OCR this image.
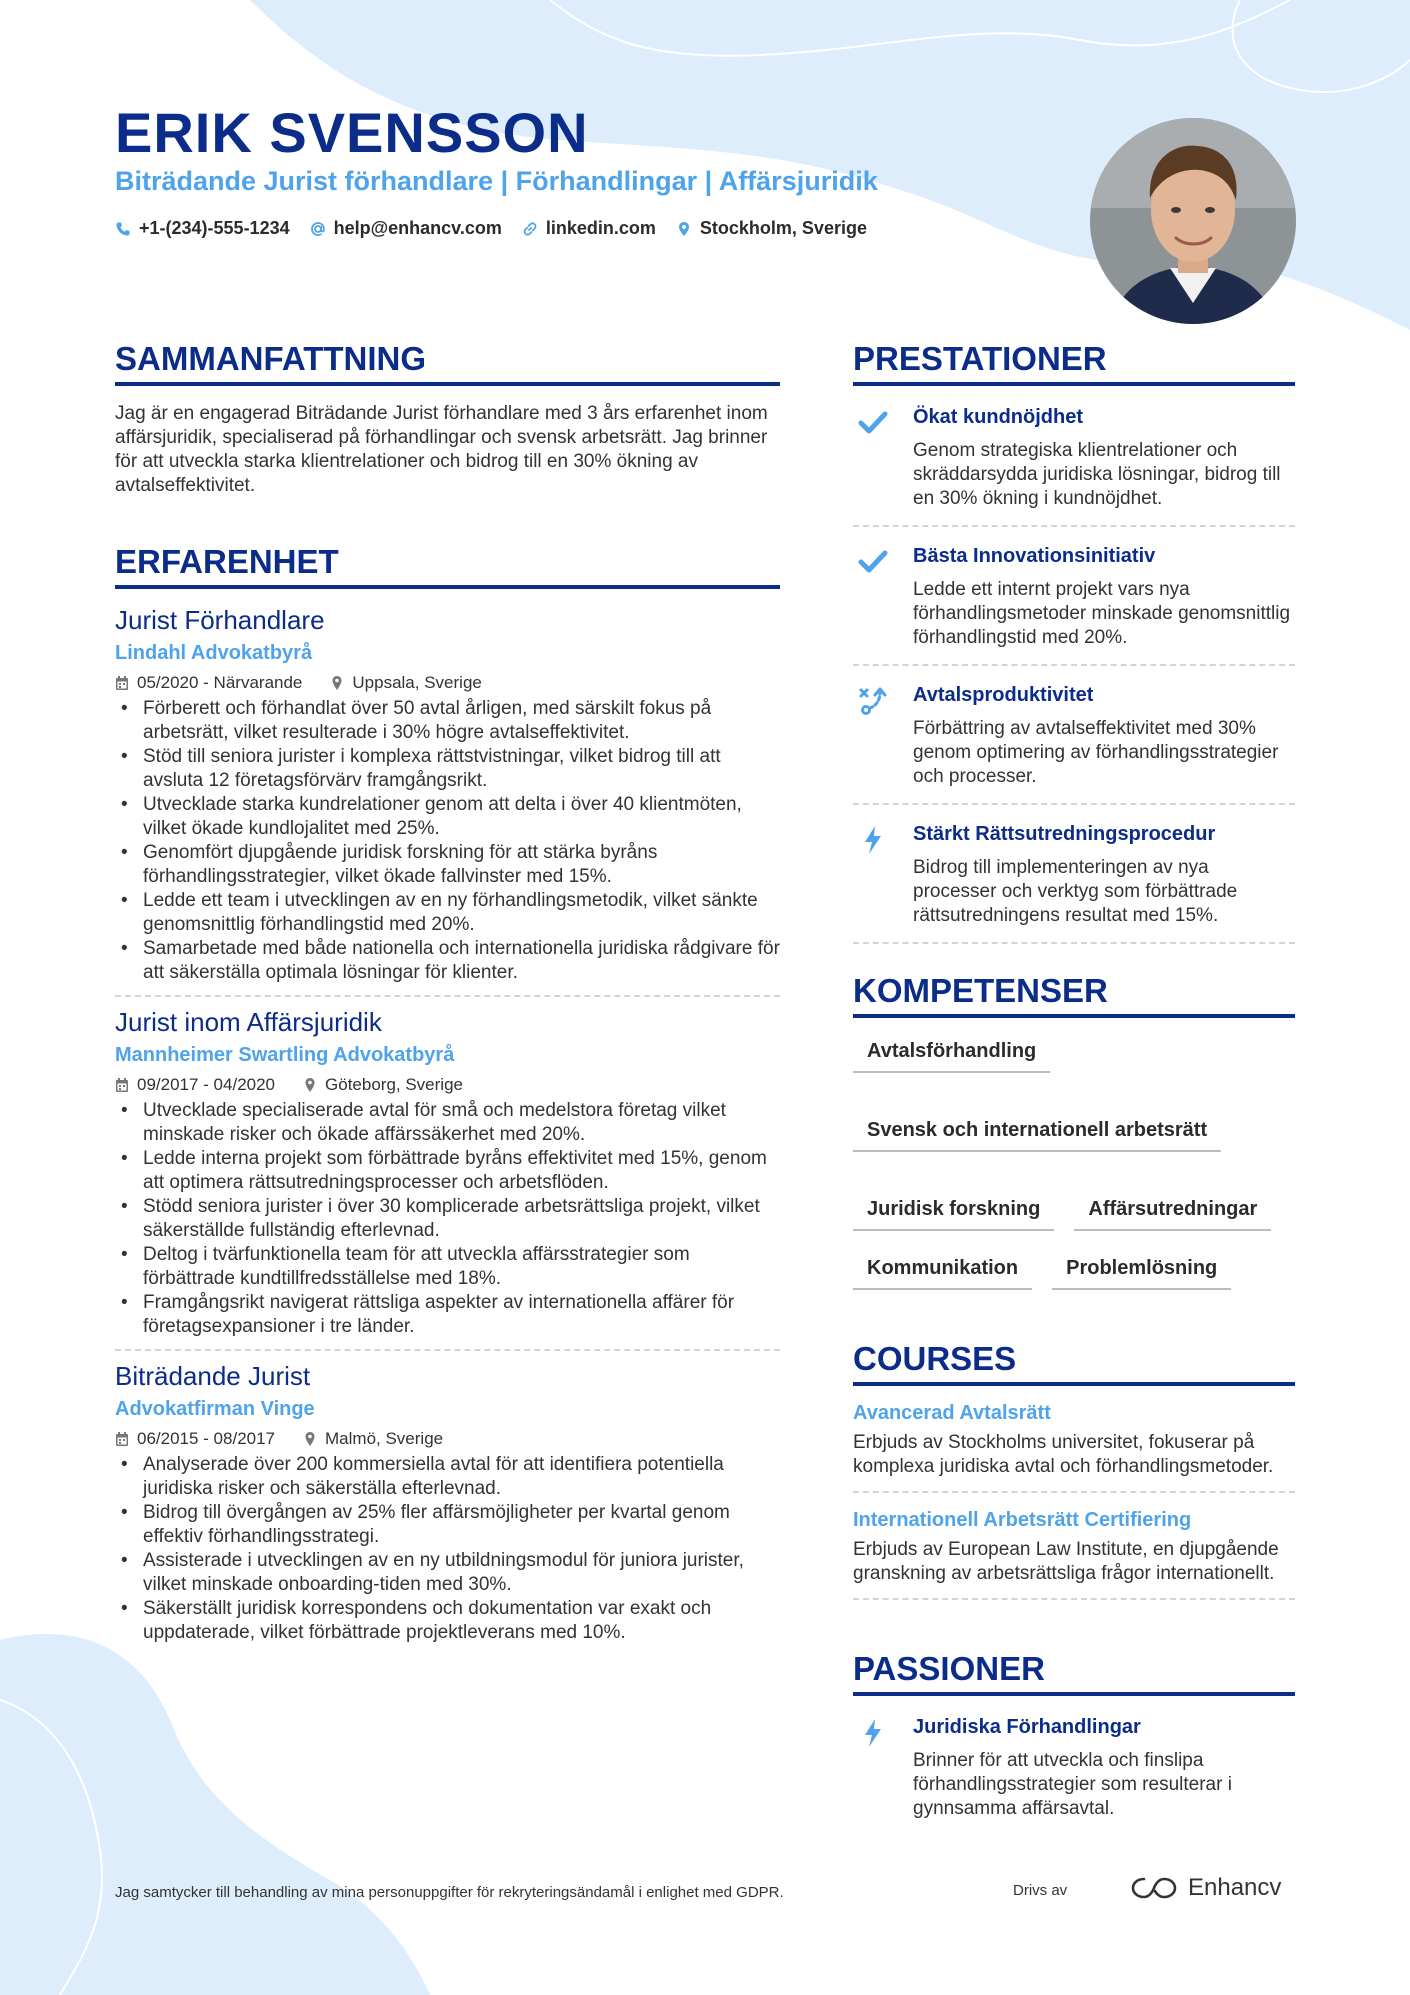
ERIK SVENSSON
Biträdande Jurist förhandlare | Förhandlingar | Affärsjuridik
+1-(234)-555-1234 help@enhancv.com linkedin.com Stockholm, Sverige
SAMMANFATTNING

Jag är en engagerad Biträdande Jurist förhandlare med 3 års erfarenhet inom affärsjuridik, specialiserad på förhandlingar och svensk arbetsrätt. Jag brinner för att utveckla starka klientrelationer och bidrog till en 30% ökning av avtalseffektivitet.

ERFARENHET
Jurist Förhandlare
Lindahl Advokatbyrå
05/2020 - Närvarande	Uppsala, Sverige
• Förberett och förhandlat över 50 avtal årligen, med särskilt fokus på arbetsrätt, vilket resulterade i 30% högre avtalseffektivitet.
• Stöd till seniora jurister i komplexa rättstvistningar, vilket bidrog till att avsluta 12 företagsförvärv framgångsrikt.
• Utvecklade starka kundrelationer genom att delta i över 40 klientmöten, vilket ökade kundlojalitet med 25%.
• Genomfört djupgående juridisk forskning för att stärka byråns förhandlingsstrategier, vilket ökade fallvinster med 15%.
• Ledde ett team i utvecklingen av en ny förhandlingsmetodik, vilket sänkte genomsnittlig förhandlingstid med 20%.
• Samarbetade med både nationella och internationella juridiska rådgivare för att säkerställa optimala lösningar för klienter.
Jurist inom Affärsjuridik
Mannheimer Swartling Advokatbyrå
09/2017 - 04/2020	Göteborg, Sverige
• Utvecklade specialiserade avtal för små och medelstora företag vilket minskade risker och ökade affärssäkerhet med 20%.
• Ledde interna projekt som förbättrade byråns effektivitet med 15%, genom att optimera rättsutredningsprocesser och arbetsflöden.
• Stödd seniora jurister i över 30 komplicerade arbetsrättsliga projekt, vilket säkerställde fullständig efterlevnad.
• Deltog i tvärfunktionella team för att utveckla affärsstrategier som förbättrade kundtillfredsställelse med 18%.
• Framgångsrikt navigerat rättsliga aspekter av internationella affärer för företagsexpansioner i tre länder.
Biträdande Jurist
Advokatfirman Vinge
06/2015 - 08/2017	Malmö, Sverige
• Analyserade över 200 kommersiella avtal för att identifiera potentiella juridiska risker och säkerställa efterlevnad.
• Bidrog till övergången av 25% fler affärsmöjligheter per kvartal genom effektiv förhandlingsstrategi.
• Assisterade i utvecklingen av en ny utbildningsmodul för juniora jurister, vilket minskade onboarding-tiden med 30%.
• Säkerställt juridisk korrespondens och dokumentation var exakt och uppdaterade, vilket förbättrade projektleverans med 10%.
PRESTATIONER
Ökat kundnöjdhet
Genom strategiska klientrelationer och skräddarsydda juridiska lösningar, bidrog till en 30% ökning i kundnöjdhet.
Bästa Innovationsinitiativ
Ledde ett internt projekt vars nya förhandlingsmetoder minskade genomsnittlig förhandlingstid med 20%.
Avtalsproduktivitet
Förbättring av avtalseffektivitet med 30% genom optimering av förhandlingsstrategier och processer.
Stärkt Rättsutredningsprocedur
Bidrog till implementeringen av nya processer och verktyg som förbättrade rättsutredningens resultat med 15%.
KOMPETENSER
Avtalsförhandling
Svensk och internationell arbetsrätt
Juridisk forskning	Affärsutredningar
Kommunikation	Problemlösning
COURSES
Avancerad Avtalsrätt
Erbjuds av Stockholms universitet, fokuserar på komplexa juridiska avtal och förhandlingsmetoder.
Internationell Arbetsrätt Certifiering
Erbjuds av European Law Institute, en djupgående granskning av arbetsrättsliga frågor internationellt.
PASSIONER
Juridiska Förhandlingar
Brinner för att utveckla och finslipa förhandlingsstrategier som resulterar i gynnsamma affärsavtal.
Jag samtycker till behandling av mina personuppgifter för rekryteringsändamål i enlighet med GDPR.	Drivs av	Enhancv
